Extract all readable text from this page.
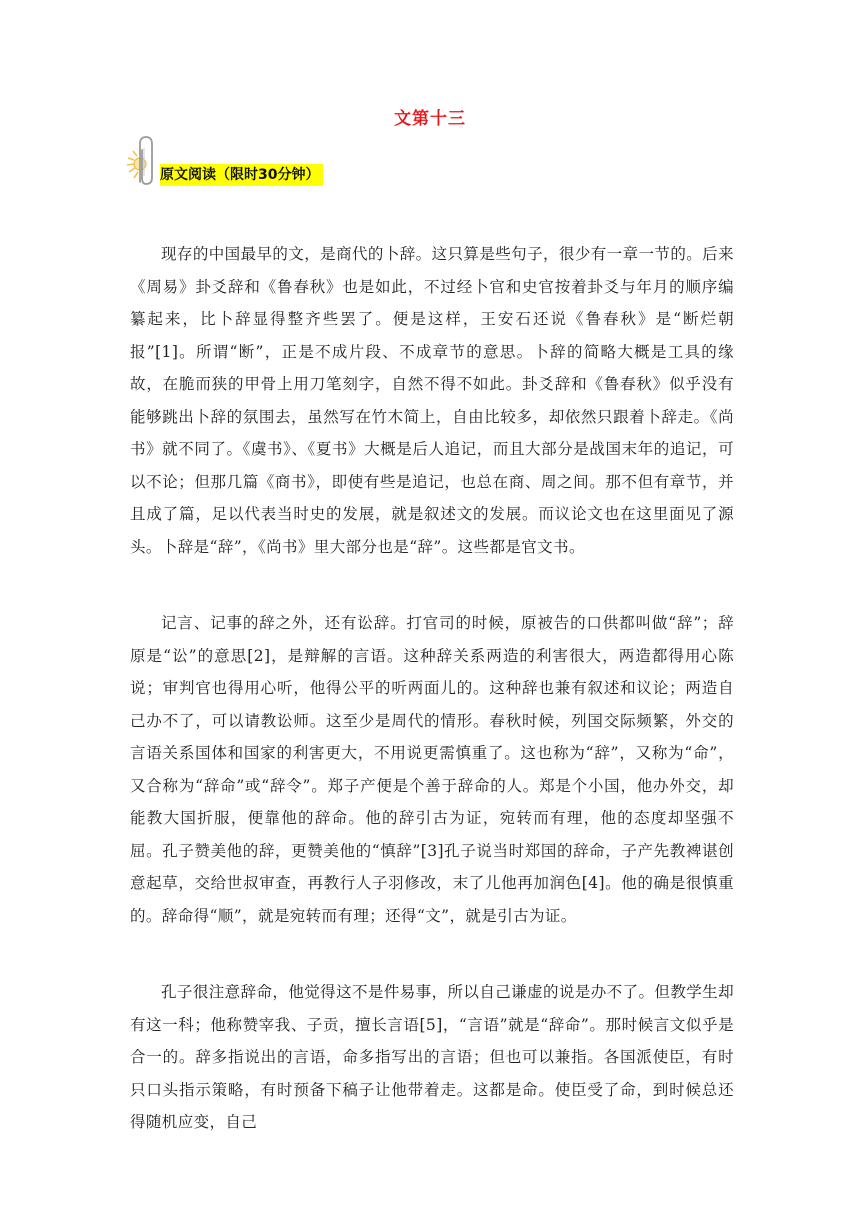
文第十三
原文阅读（限时30分钟）

现存的中国最早的文，是商代的卜辞。这只算是些句子，很少有一章一节的。后来《周易》卦爻辞和《鲁春秋》也是如此，不过经卜官和史官按着卦爻与年月的顺序编纂起来，比卜辞显得整齐些罢了。便是这样，王安石还说《鲁春秋》是“断烂朝报”[1]。所谓“断”，正是不成片段、不成章节的意思。卜辞的简略大概是工具的缘故，在脆而狭的甲骨上用刀笔刻字，自然不得不如此。卦爻辞和《鲁春秋》似乎没有能够跳出卜辞的氛围去，虽然写在竹木简上，自由比较多，却依然只跟着卜辞走。《尚书》就不同了。《虞书》、《夏书》大概是后人追记，而且大部分是战国末年的追记，可以不论；但那几篇《商书》，即使有些是追记，也总在商、周之间。那不但有章节，并且成了篇，足以代表当时史的发展，就是叙述文的发展。而议论文也在这里面见了源头。卜辞是“辞”，《尚书》里大部分也是“辞”。这些都是官文书。

记言、记事的辞之外，还有讼辞。打官司的时候，原被告的口供都叫做“辞”；辞原是“讼”的意思[2]，是辩解的言语。这种辞关系两造的利害很大，两造都得用心陈说；审判官也得用心听，他得公平的听两面儿的。这种辞也兼有叙述和议论；两造自己办不了，可以请教讼师。这至少是周代的情形。春秋时候，列国交际频繁，外交的言语关系国体和国家的利害更大，不用说更需慎重了。这也称为“辞”，又称为“命”，又合称为“辞命”或“辞令”。郑子产便是个善于辞命的人。郑是个小国，他办外交，却能教大国折服，便靠他的辞命。他的辞引古为证，宛转而有理，他的态度却坚强不屈。孔子赞美他的辞，更赞美他的“慎辞”[3]孔子说当时郑国的辞命，子产先教裨谌创意起草，交给世叔审查，再教行人子羽修改，末了儿他再加润色[4]。他的确是很慎重的。辞命得“顺”，就是宛转而有理；还得“文”，就是引古为证。

孔子很注意辞命，他觉得这不是件易事，所以自己谦虚的说是办不了。但教学生却有这一科；他称赞宰我、子贡，擅长言语[5]，“言语”就是“辞命”。那时候言文似乎是合一的。辞多指说出的言语，命多指写出的言语；但也可以兼指。各国派使臣，有时只口头指示策略，有时预备下稿子让他带着走。这都是命。使臣受了命，到时候总还得随机应变，自己
